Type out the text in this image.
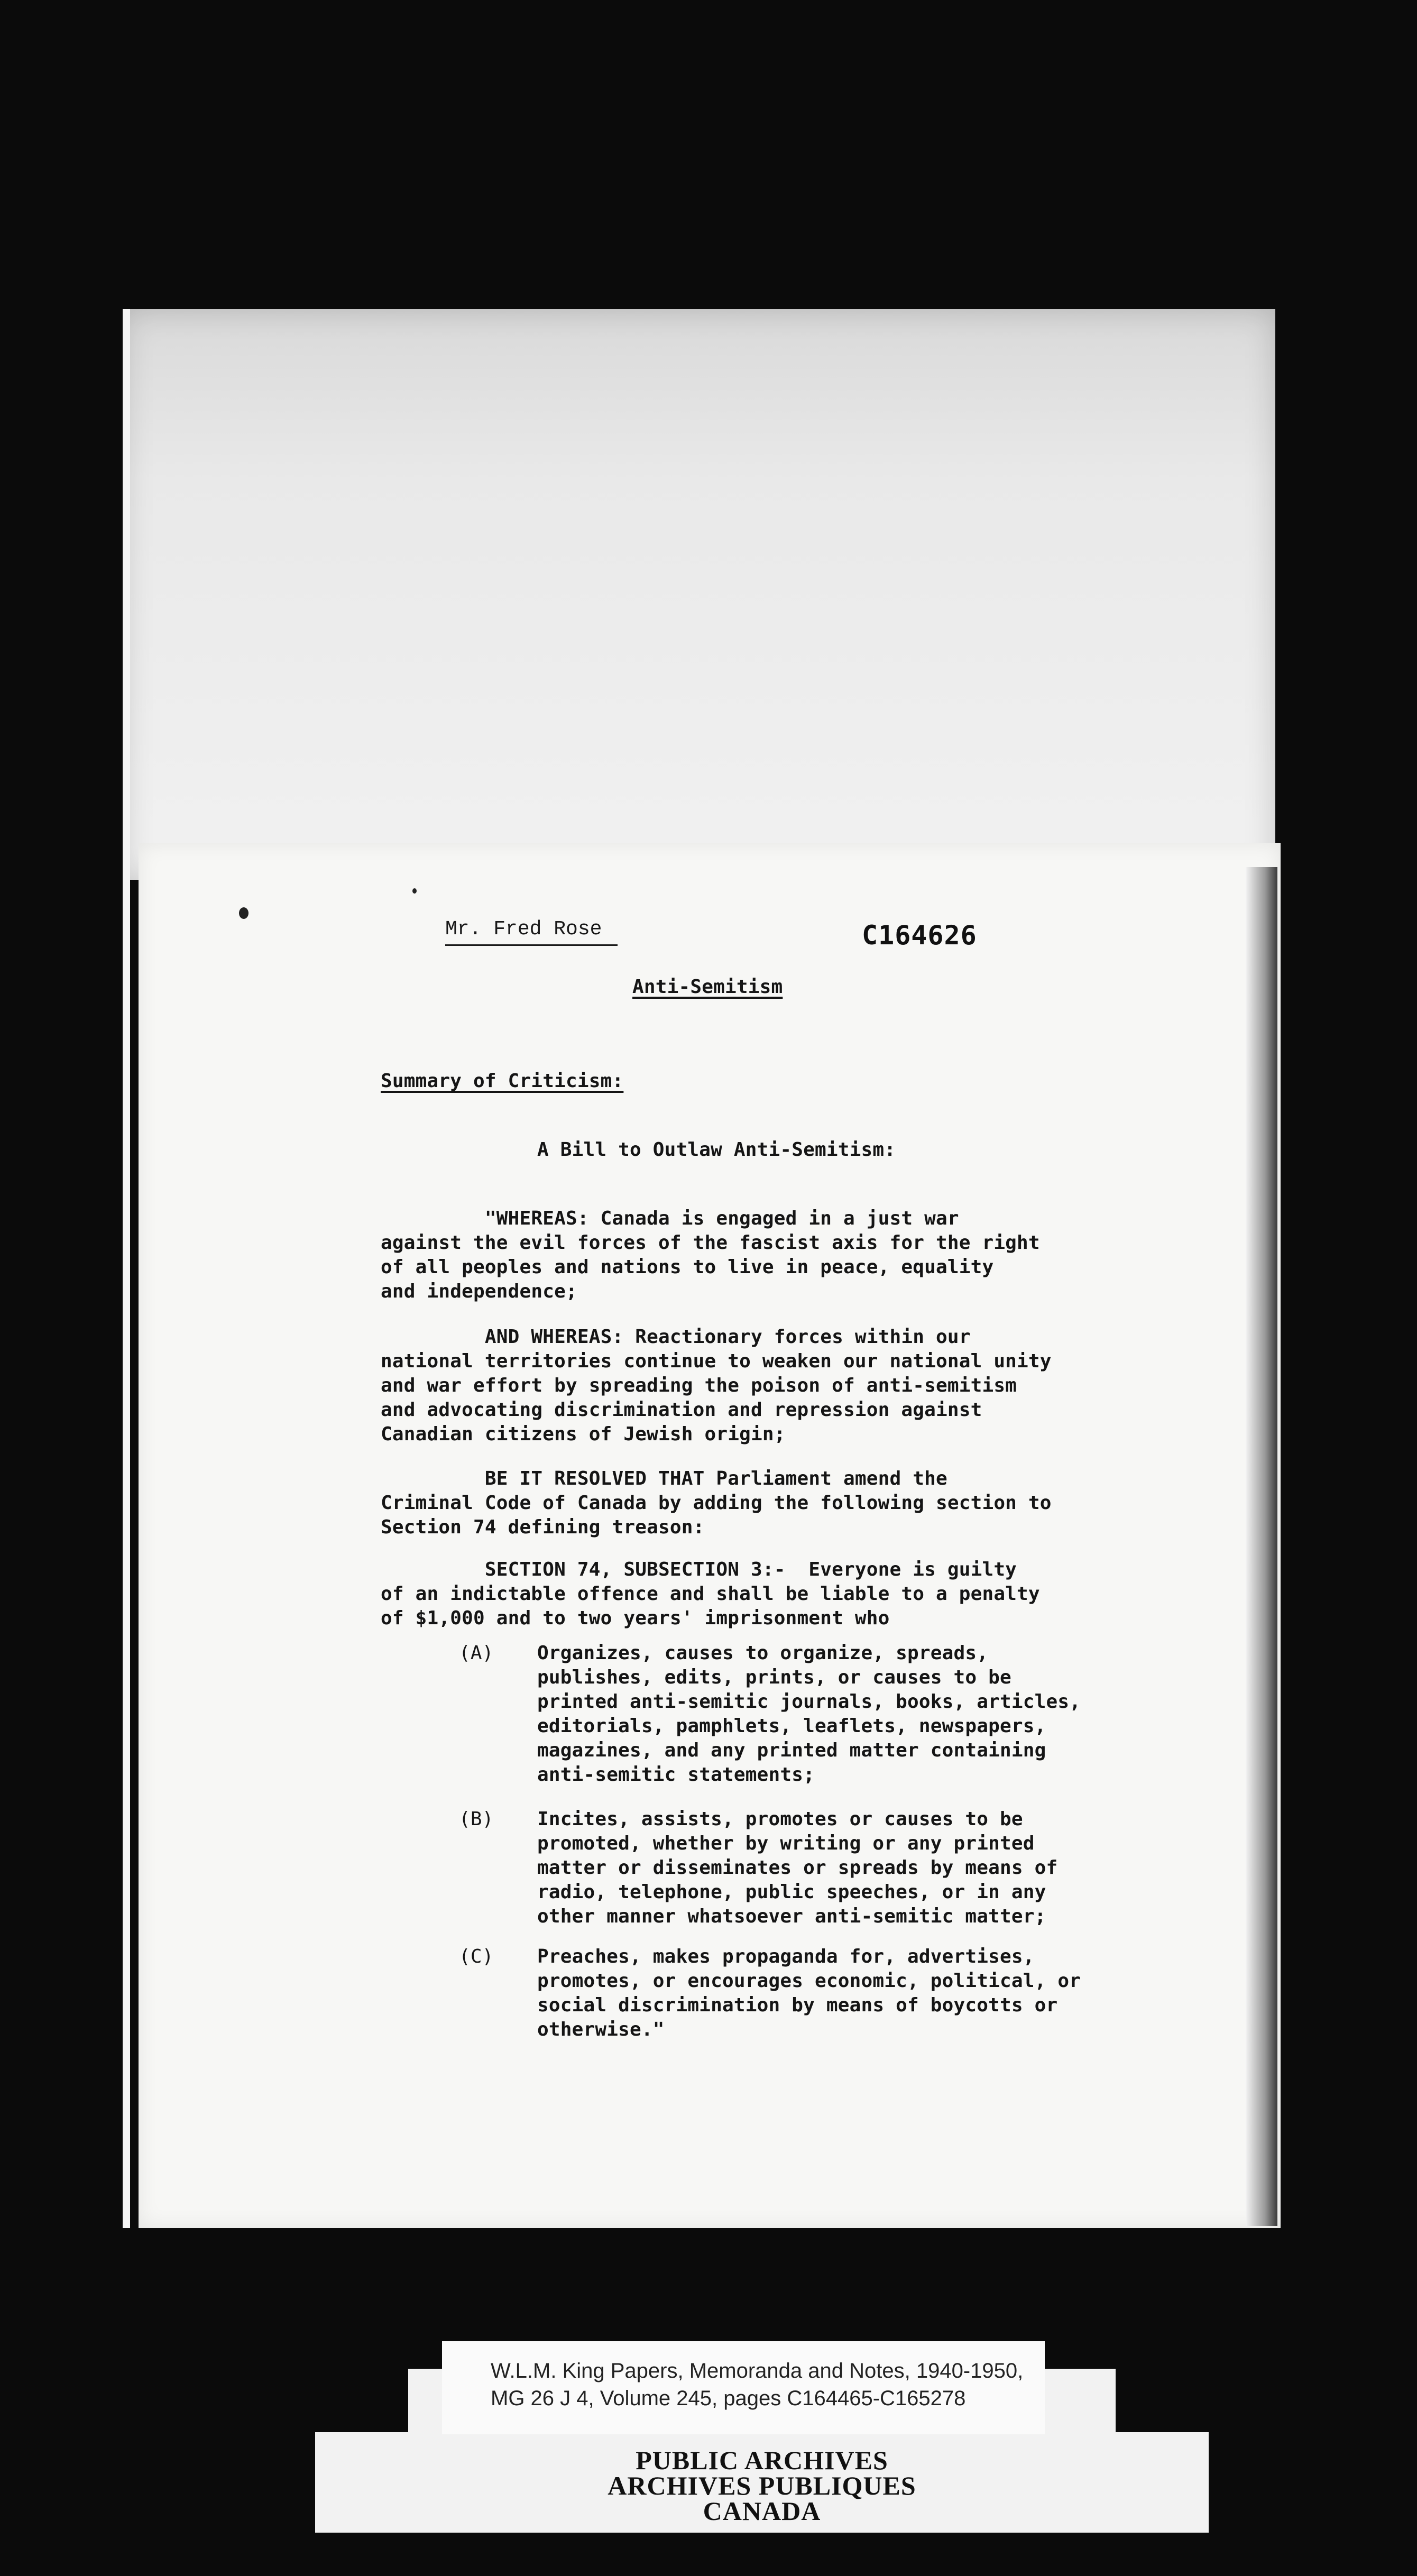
Mr. Fred Rose	C164626
Anti-Semitism
Summary of Criticism:
A Bill to Outlaw Anti-Semitism:
"WHEREAS: Canada is engaged in a just war
against the evil forces of the fascist axis for the right
of all peoples and nations to live in peace, equality
and independence;
AND WHEREAS: Reactionary forces within our
national territories continue to weaken our national unity
and war effort by spreading the poison of anti-semitism
and advocating discrimination and repression against
Canadian citizens of Jewish origin;
BE IT RESOLVED THAT Parliament amend the
Criminal Code of Canada by adding the following section to
Section 74 defining treason:
SECTION 74, SUBSECTION 3:-  Everyone is guilty
of an indictable offence and shall be liable to a penalty
of $1,000 and to two years' imprisonment who
(A)	Organizes, causes to organize, spreads,
publishes, edits, prints, or causes to be
printed anti-semitic journals, books, articles,
editorials, pamphlets, leaflets, newspapers,
magazines, and any printed matter containing
anti-semitic statements;
(B)	Incites, assists, promotes or causes to be
promoted, whether by writing or any printed
matter or disseminates or spreads by means of
radio, telephone, public speeches, or in any
other manner whatsoever anti-semitic matter;
(C)	Preaches, makes propaganda for, advertises,
promotes, or encourages economic, political, or
social discrimination by means of boycotts or
otherwise."
W.L.M. King Papers, Memoranda and Notes, 1940-1950,
MG 26 J 4, Volume 245, pages C164465-C165278
PUBLIC ARCHIVES
ARCHIVES PUBLIQUES
CANADA
